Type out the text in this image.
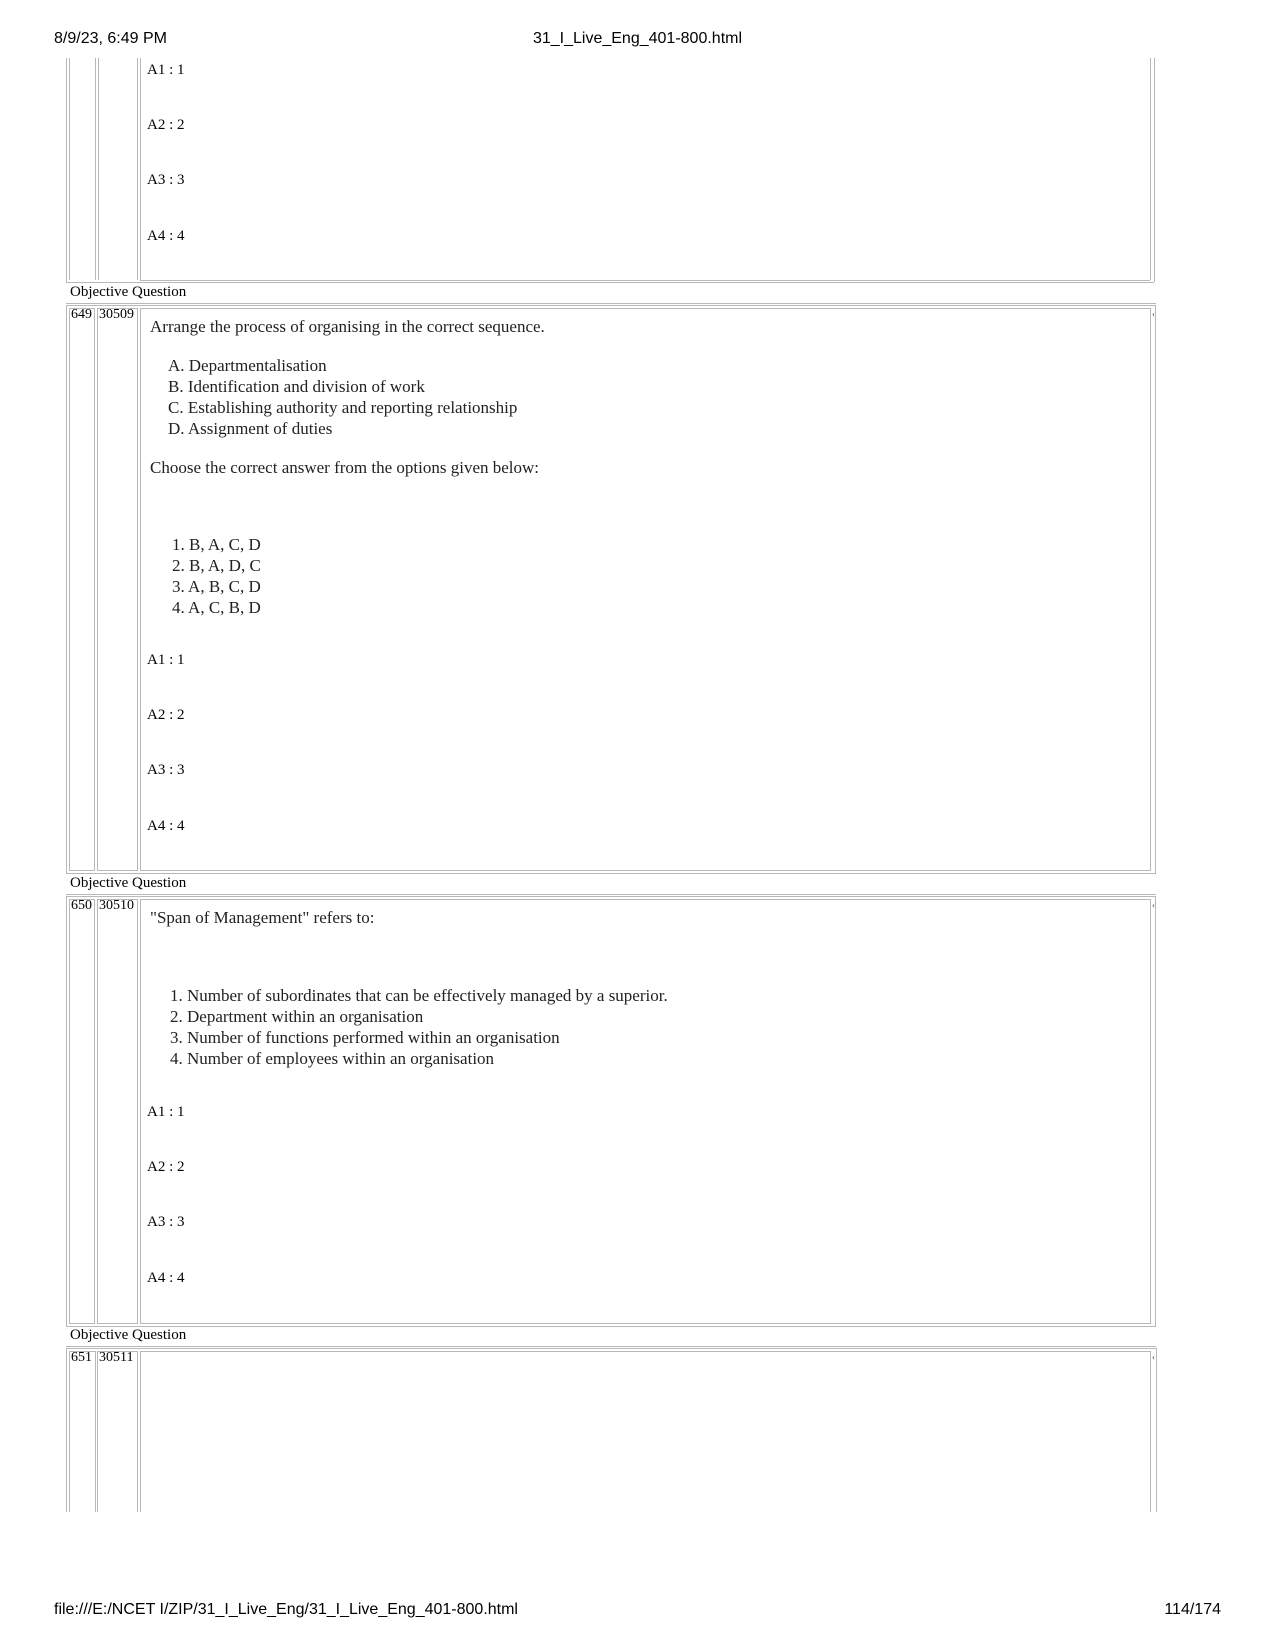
8/9/23, 6:49 PM	31_I_Live_Eng_401-800.html
file:///E:/NCET I/ZIP/31_I_Live_Eng/31_I_Live_Eng_401-800.html	114/174
A1 : 1
A2 : 2
A3 : 3
A4 : 4
Objective Question
‹
649 30509
Arrange the process of organising in the correct sequence.
A. Departmentalisation
B. Identification and division of work
C. Establishing authority and reporting relationship
D. Assignment of duties
Choose the correct answer from the options given below:
1. B, A, C, D
2. B, A, D, C
3. A, B, C, D
4. A, C, B, D
A1 : 1
A2 : 2
A3 : 3
A4 : 4
Objective Question
‹
650 30510
"Span of Management" refers to:
1. Number of subordinates that can be effectively managed by a superior.
2. Department within an organisation
3. Number of functions performed within an organisation
4. Number of employees within an organisation
A1 : 1
A2 : 2
A3 : 3
A4 : 4
Objective Question
‹
651 30511
